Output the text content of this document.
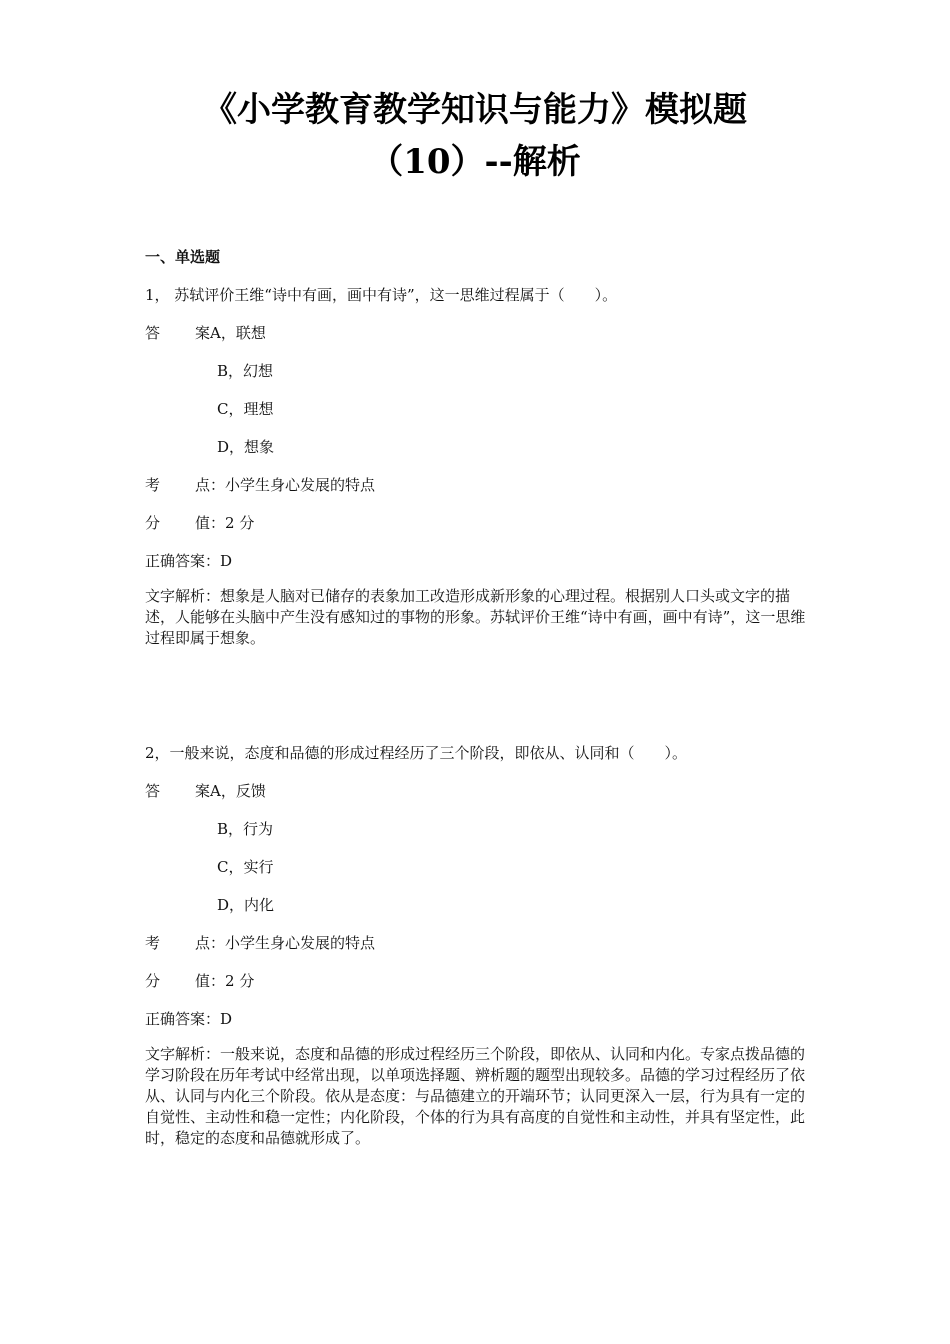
《小学教育教学知识与能力》模拟题
（10）--解析
一、单选题
1， 苏轼评价王维“诗中有画，画中有诗”，这一思维过程属于（　　）。
答 案A，联想
B，幻想
C，理想
D，想象
考 点：小学生身心发展的特点
分 值：2 分
正确答案：D
文字解析：想象是人脑对已储存的表象加工改造形成新形象的心理过程。根据别人口头或文字的描述，人能够在头脑中产生没有感知过的事物的形象。苏轼评价王维“诗中有画，画中有诗”，这一思维过程即属于想象。
2，一般来说，态度和品德的形成过程经历了三个阶段，即依从、认同和（　　）。
答 案A，反馈
B，行为
C，实行
D，内化
考 点：小学生身心发展的特点
分 值：2 分
正确答案：D
文字解析：一般来说，态度和品德的形成过程经历三个阶段，即依从、认同和内化。专家点拨品德的学习阶段在历年考试中经常出现，以单项选择题、辨析题的题型出现较多。品德的学习过程经历了依从、认同与内化三个阶段。依从是态度：与品德建立的开端环节；认同更深入一层，行为具有一定的自觉性、主动性和稳一定性；内化阶段，个体的行为具有高度的自觉性和主动性，并具有坚定性，此时，稳定的态度和品德就形成了。
